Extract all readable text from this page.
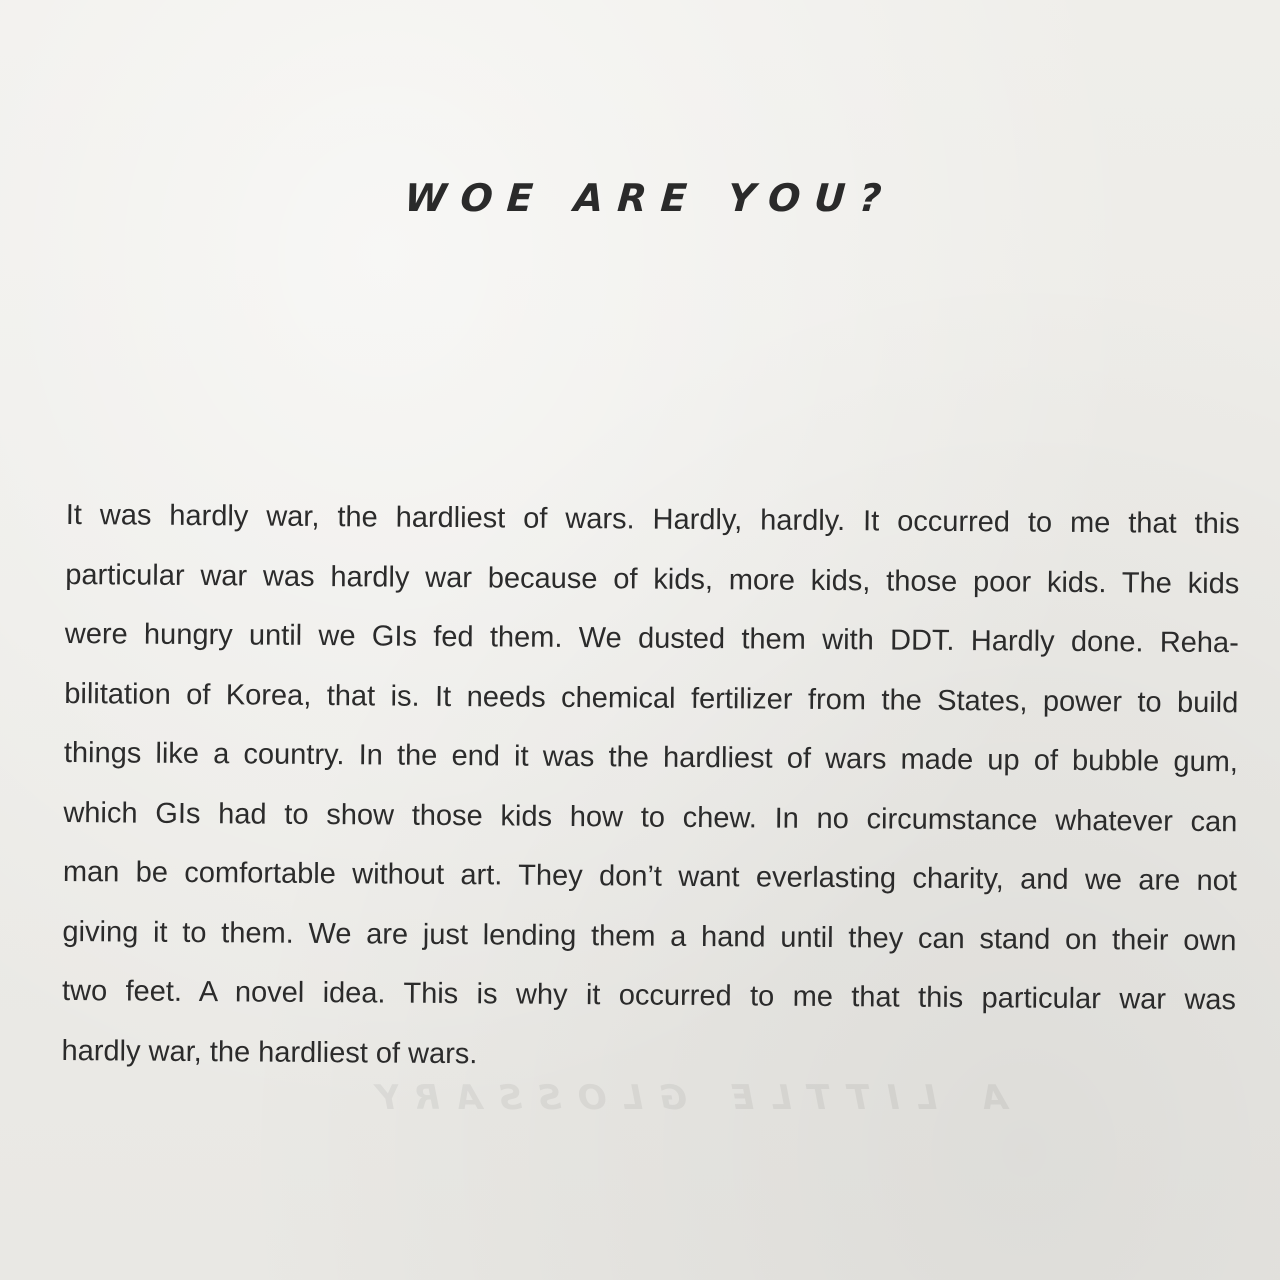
WOE ARE YOU?
It was hardly war, the hardliest of wars. Hardly, hardly. It occurred to me that this
particular war was hardly war because of kids, more kids, those poor kids. The kids
were hungry until we GIs fed them. We dusted them with DDT. Hardly done. Reha-
bilitation of Korea, that is. It needs chemical fertilizer from the States, power to build
things like a country. In the end it was the hardliest of wars made up of bubble gum,
which GIs had to show those kids how to chew. In no circumstance whatever can
man be comfortable without art. They don’t want everlasting charity, and we are not
giving it to them. We are just lending them a hand until they can stand on their own
two feet. A novel idea. This is why it occurred to me that this particular war was
hardly war, the hardliest of wars.
A LITTLE GLOSSARY
